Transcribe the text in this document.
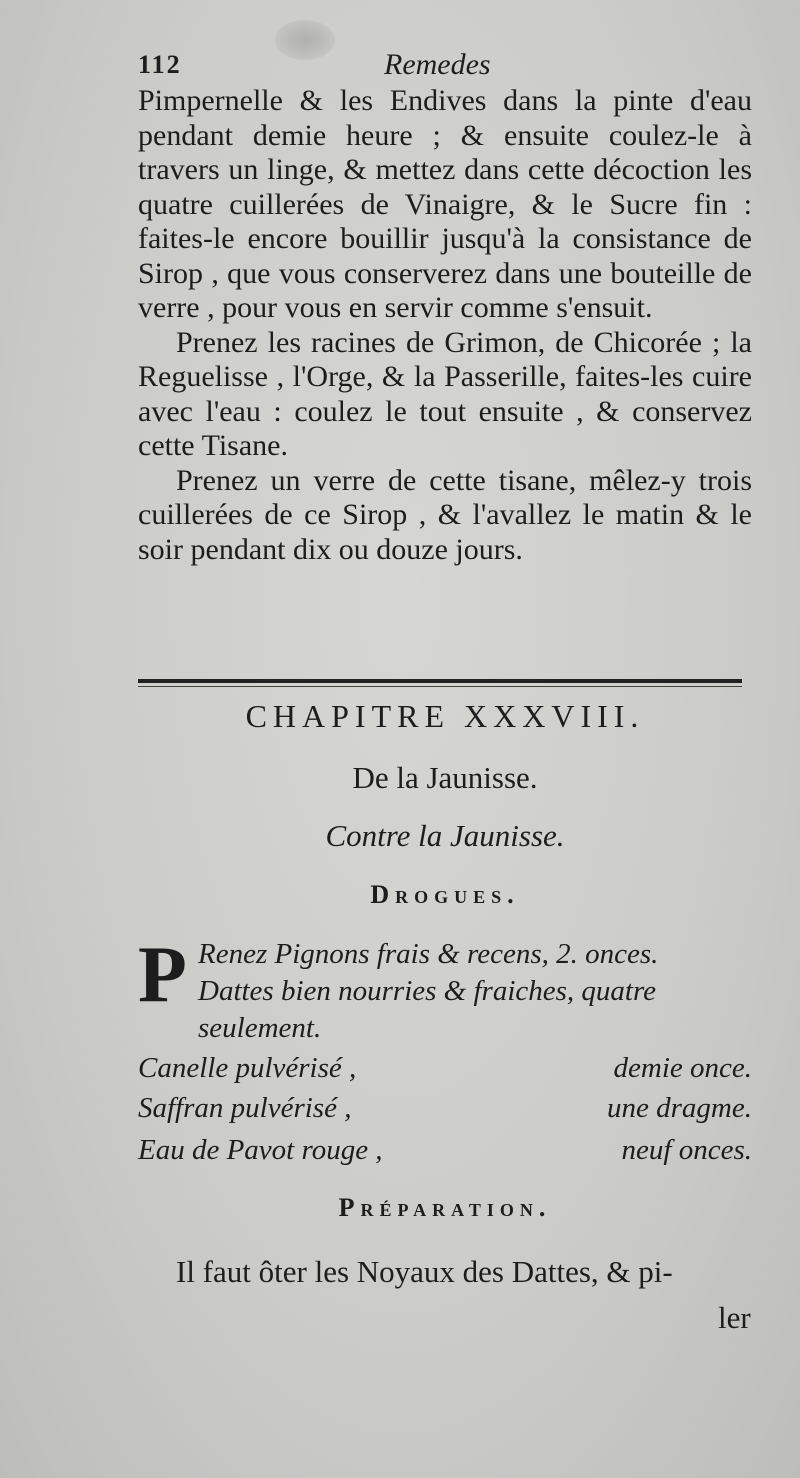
112	Remedes

Pimpernelle & les Endives dans la pinte d'eau pendant demie heure ; & ensuite coulez-le à travers un linge, & mettez dans cette décoction les quatre cuillerées de Vinaigre, & le Sucre fin : faites-le encore bouillir jusqu'à la consistance de Sirop , que vous conserverez dans une bouteille de verre , pour vous en servir comme s'ensuit.

Prenez les racines de Grimon, de Chicorée ; la Reguelisse , l'Orge, & la Passerille, faites-les cuire avec l'eau : coulez le tout ensuite , & conservez cette Tisane.

Prenez un verre de cette tisane, mêlez-y trois cuillerées de ce Sirop , & l'avallez le matin & le soir pendant dix ou douze jours.

CHAPITRE XXXVIII.
De la Jaunisse.
Contre la Jaunisse.
Drogues.
P Renez Pignons frais & recens, 2. onces.
Dattes bien nourries & fraiches, quatre seulement.
Canelle pulvérisé ,	demie once.
Saffran pulvérisé ,	une dragme.
Eau de Pavot rouge ,	neuf onces.
Préparation.
Il faut ôter les Noyaux des Dattes, & pi-
ler
